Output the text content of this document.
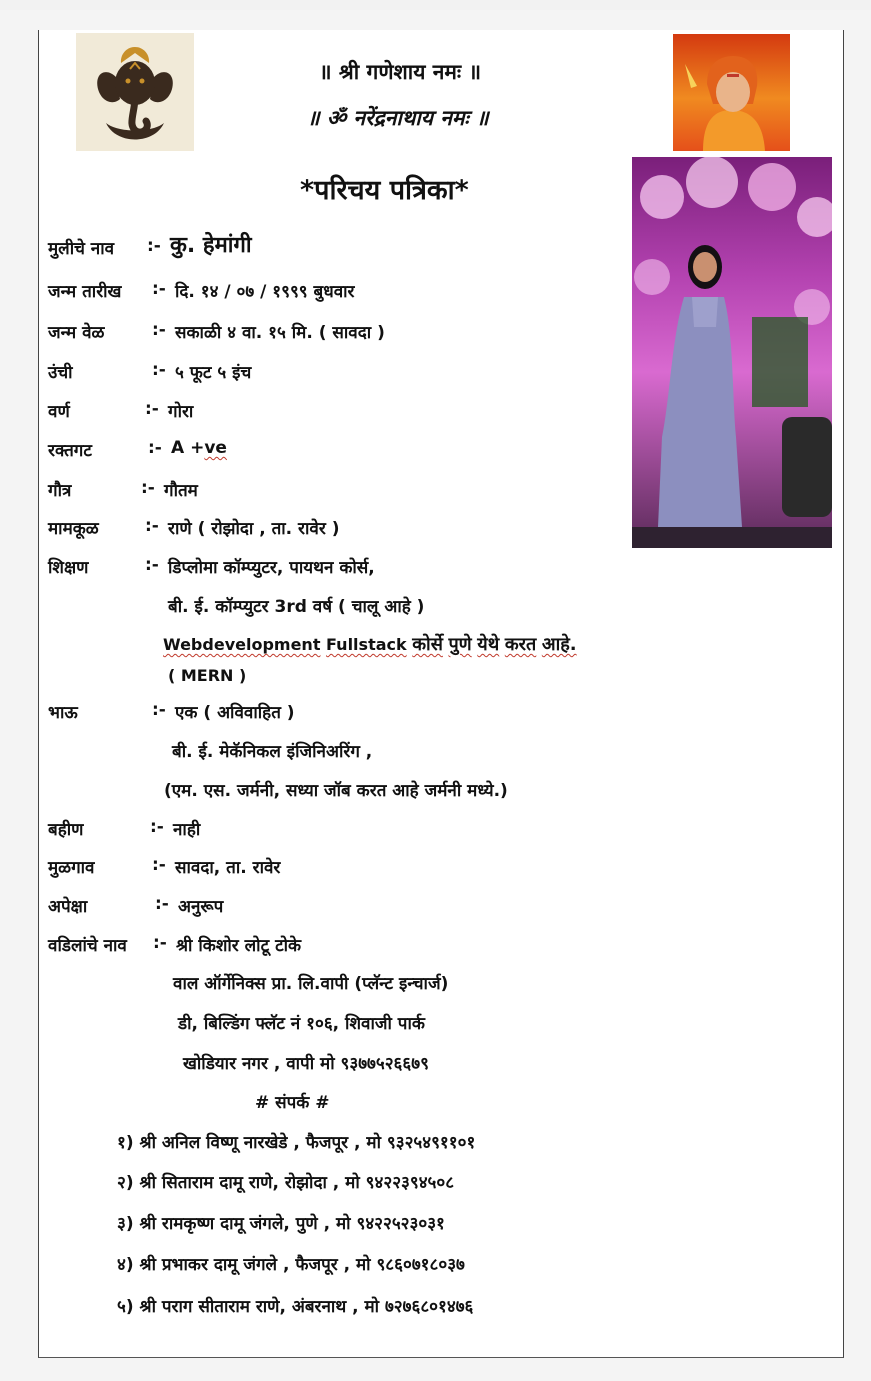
॥ श्री गणेशाय नमः ॥
॥ ॐ नरेंद्रनाथाय नमः ॥
*परिचय पत्रिका*
मुलीचे नाव :- कु. हेमांगी
जन्म तारीख :- दि. १४ / ०७ / १९९९ बुधवार
जन्म वेळ	:- सकाळी ४ वा. १५ मि. ( सावदा )
उंची	:- ५ फूट ५ इंच
वर्ण	:- गोरा
रक्तगट	:- A +ve
गौत्र	:- गौतम
मामकूळ	:- राणे ( रोझोदा , ता. रावेर )
शिक्षण	:- डिप्लोमा कॉम्प्युटर, पायथन कोर्स,
बी. ई. कॉम्प्युटर 3rd वर्ष ( चालू आहे )
Webdevelopment Fullstack कोर्से पुणे येथे करत आहे.
( MERN )
भाऊ	:- एक ( अविवाहित )
बी. ई. मेकॅनिकल इंजिनिअरिंग ,
(एम. एस. जर्मनी, सध्या जॉब करत आहे जर्मनी मध्ये.)
बहीण	:- नाही
मुळगाव	:- सावदा, ता. रावेर
अपेक्षा	:- अनुरूप
वडिलांचे नाव :- श्री किशोर लोटू टोके
वाल ऑर्गेनिक्स प्रा. लि.वापी (प्लॅन्ट इन्चार्ज)
डी, बिल्डिंग फ्लॅट नं १०६, शिवाजी पार्क
खोडियार नगर , वापी मो ९३७७५२६६७९
# संपर्क #
१) श्री अनिल विष्णू नारखेडे , फैजपूर , मो ९३२५४९११०१
२) श्री सिताराम दामू राणे, रोझोदा , मो ९४२२३९४५०८
३) श्री रामकृष्ण दामू जंगले, पुणे , मो ९४२२५२३०३१
४) श्री प्रभाकर दामू जंगले , फैजपूर , मो ९८६०७१८०३७
५) श्री पराग सीताराम राणे, अंबरनाथ , मो ७२७६८०१४७६
